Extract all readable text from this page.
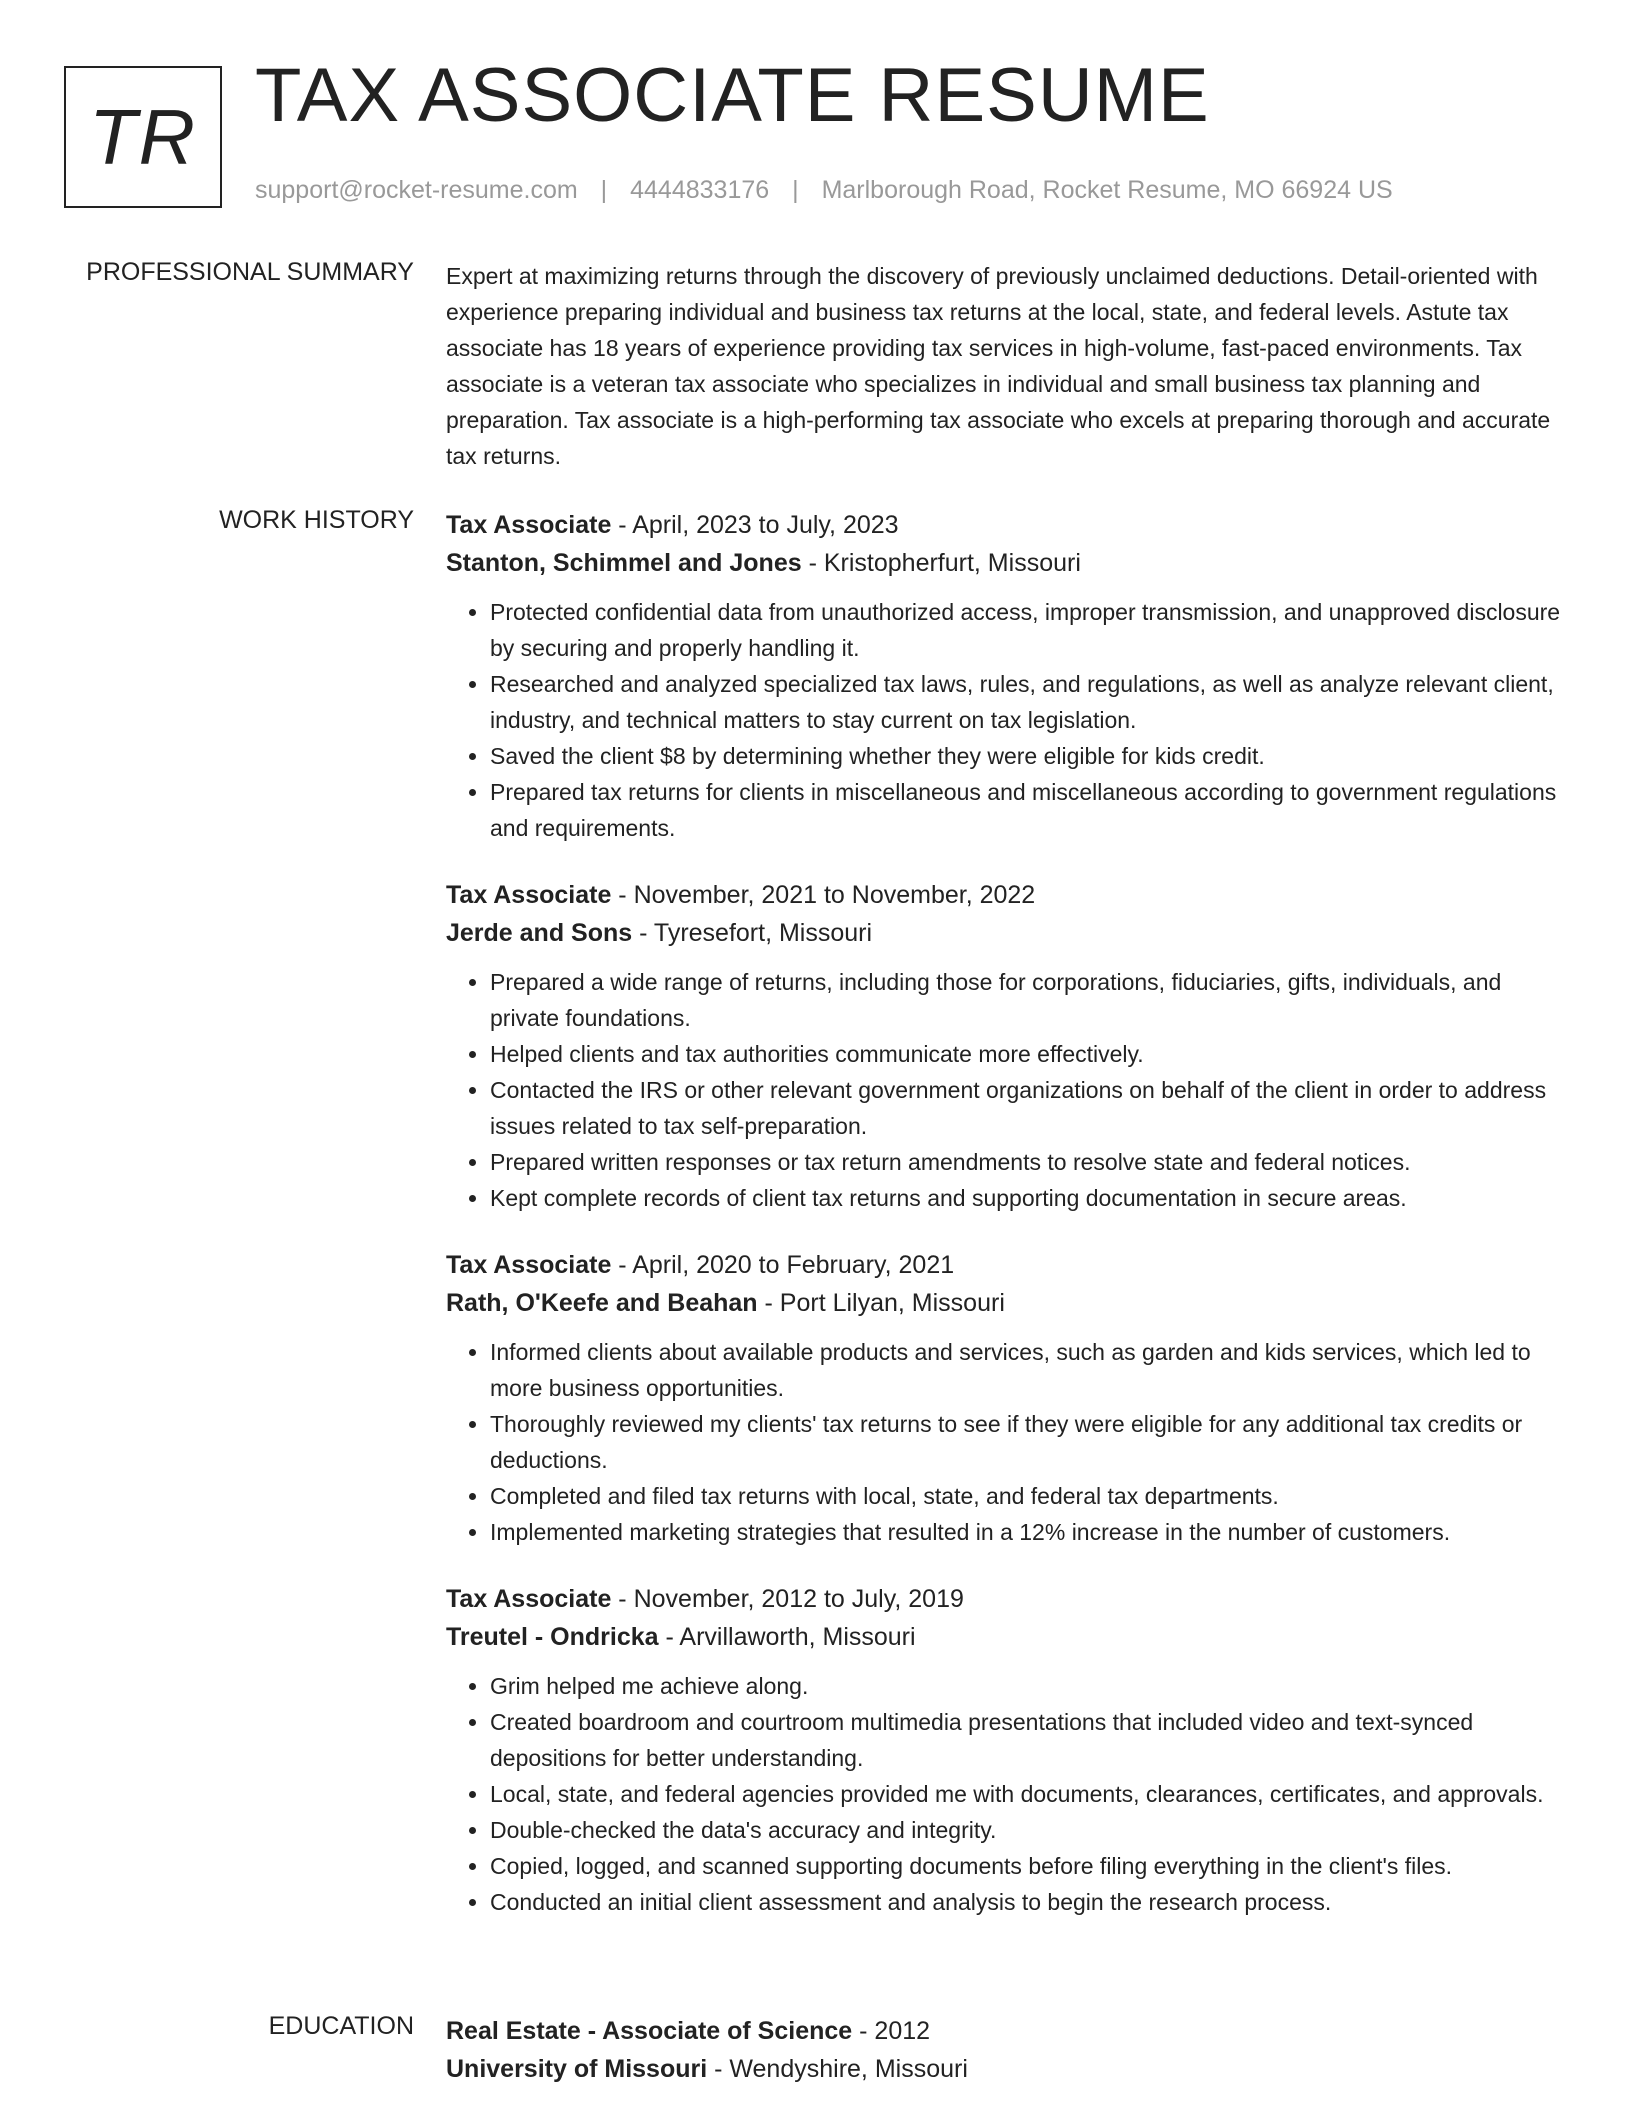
TR TAX ASSOCIATE RESUME
support@rocket-resume.com | 4444833176 | Marlborough Road, Rocket Resume, MO 66924 US
PROFESSIONAL SUMMARY Expert at maximizing returns through the discovery of previously unclaimed deductions. Detail-oriented with experience preparing individual and business tax returns at the local, state, and federal levels. Astute tax associate has 18 years of experience providing tax services in high-volume, fast-paced environments. Tax associate is a veteran tax associate who specializes in individual and small business tax planning and preparation. Tax associate is a high-performing tax associate who excels at preparing thorough and accurate tax returns.

WORK HISTORY Tax Associate - April, 2023 to July, 2023
Stanton, Schimmel and Jones - Kristopherfurt, Missouri
• Protected confidential data from unauthorized access, improper transmission, and unapproved disclosure by securing and properly handling it.
• Researched and analyzed specialized tax laws, rules, and regulations, as well as analyze relevant client, industry, and technical matters to stay current on tax legislation.
• Saved the client $8 by determining whether they were eligible for kids credit.
• Prepared tax returns for clients in miscellaneous and miscellaneous according to government regulations and requirements.
Tax Associate - November, 2021 to November, 2022
Jerde and Sons - Tyresefort, Missouri
• Prepared a wide range of returns, including those for corporations, fiduciaries, gifts, individuals, and private foundations.
• Helped clients and tax authorities communicate more effectively.
• Contacted the IRS or other relevant government organizations on behalf of the client in order to address issues related to tax self-preparation.
• Prepared written responses or tax return amendments to resolve state and federal notices.
• Kept complete records of client tax returns and supporting documentation in secure areas.
Tax Associate - April, 2020 to February, 2021
Rath, O'Keefe and Beahan - Port Lilyan, Missouri
• Informed clients about available products and services, such as garden and kids services, which led to more business opportunities.
• Thoroughly reviewed my clients' tax returns to see if they were eligible for any additional tax credits or deductions.
• Completed and filed tax returns with local, state, and federal tax departments.
• Implemented marketing strategies that resulted in a 12% increase in the number of customers.
Tax Associate - November, 2012 to July, 2019
Treutel - Ondricka - Arvillaworth, Missouri
• Grim helped me achieve along.
• Created boardroom and courtroom multimedia presentations that included video and text-synced depositions for better understanding.
• Local, state, and federal agencies provided me with documents, clearances, certificates, and approvals.
• Double-checked the data's accuracy and integrity.
• Copied, logged, and scanned supporting documents before filing everything in the client's files.
• Conducted an initial client assessment and analysis to begin the research process.
EDUCATION Real Estate - Associate of Science - 2012
University of Missouri - Wendyshire, Missouri
